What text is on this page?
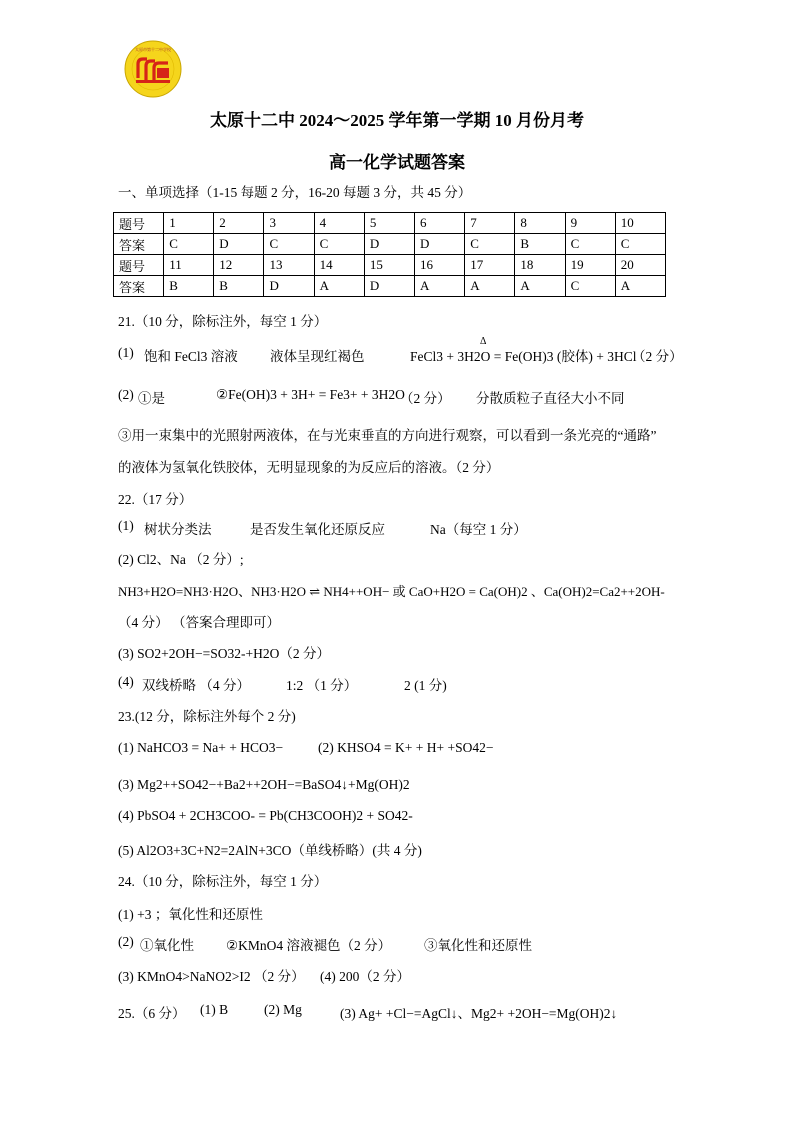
太原市第十二中学校
太原十二中 2024～2025 学年第一学期 10 月份月考
高一化学试题答案
一、单项选择（1-15 每题 2 分，16-20 每题 3 分，共 45 分）
题号	1	2	3	4	5	6	7	8	9	10
答案	C	D	C	C	D	D	C	B	C	C
题号	11	12	13	14	15	16	17	18	19	20
答案	B	B	D	A	D	A	A	A	C	A
21.（10 分，除标注外，每空 1 分）
(1) 饱和 FeCl3 溶液 液体呈现红褐色
Δ
FeCl3 + 3H2O = Fe(OH)3 (胶体) + 3HCl
（2 分）
(2) ①是	②Fe(OH)3 + 3H+ = Fe3+ + 3H2O
（2 分） 分散质粒子直径大小不同
③用一束集中的光照射两液体，在与光束垂直的方向进行观察，可以看到一条光亮的“通路”
的液体为氢氧化铁胶体，无明显现象的为反应后的溶液。（2 分）
22.（17 分）
(1) 树状分类法	是否发生氧化还原反应	Na（每空 1 分）
(2) Cl2、Na （2 分）;
NH3+H2O=NH3·H2O、NH3·H2O ⇌ NH4++OH− 或 CaO+H2O = Ca(OH)2 、Ca(OH)2=Ca2++2OH-
（4 分） （答案合理即可）
(3) SO2+2OH−=SO32-+H2O（2 分）
(4) 双线桥略 （4 分）	1:2 （1 分）	2 (1 分)
23.(12 分，除标注外每个 2 分)
(1) NaHCO3 = Na+ + HCO3−	(2) KHSO4 = K+ + H+ +SO42−
(3) Mg2++SO42−+Ba2++2OH−=BaSO4↓+Mg(OH)2
(4) PbSO4 + 2CH3COO- = Pb(CH3COOH)2 + SO42-
(5) Al2O3+3C+N2=2AlN+3CO（单线桥略）(共 4 分)
24.（10 分，除标注外，每空 1 分）
(1) +3 ；氧化性和还原性
(2) ①氧化性 ②KMnO4 溶液褪色（2 分） ③氧化性和还原性
(3) KMnO4>NaNO2>I2 （2 分） (4) 200（2 分）
25.（6 分） (1) B	(2) Mg	(3) Ag+ +Cl−=AgCl↓、Mg2+ +2OH−=Mg(OH)2↓
